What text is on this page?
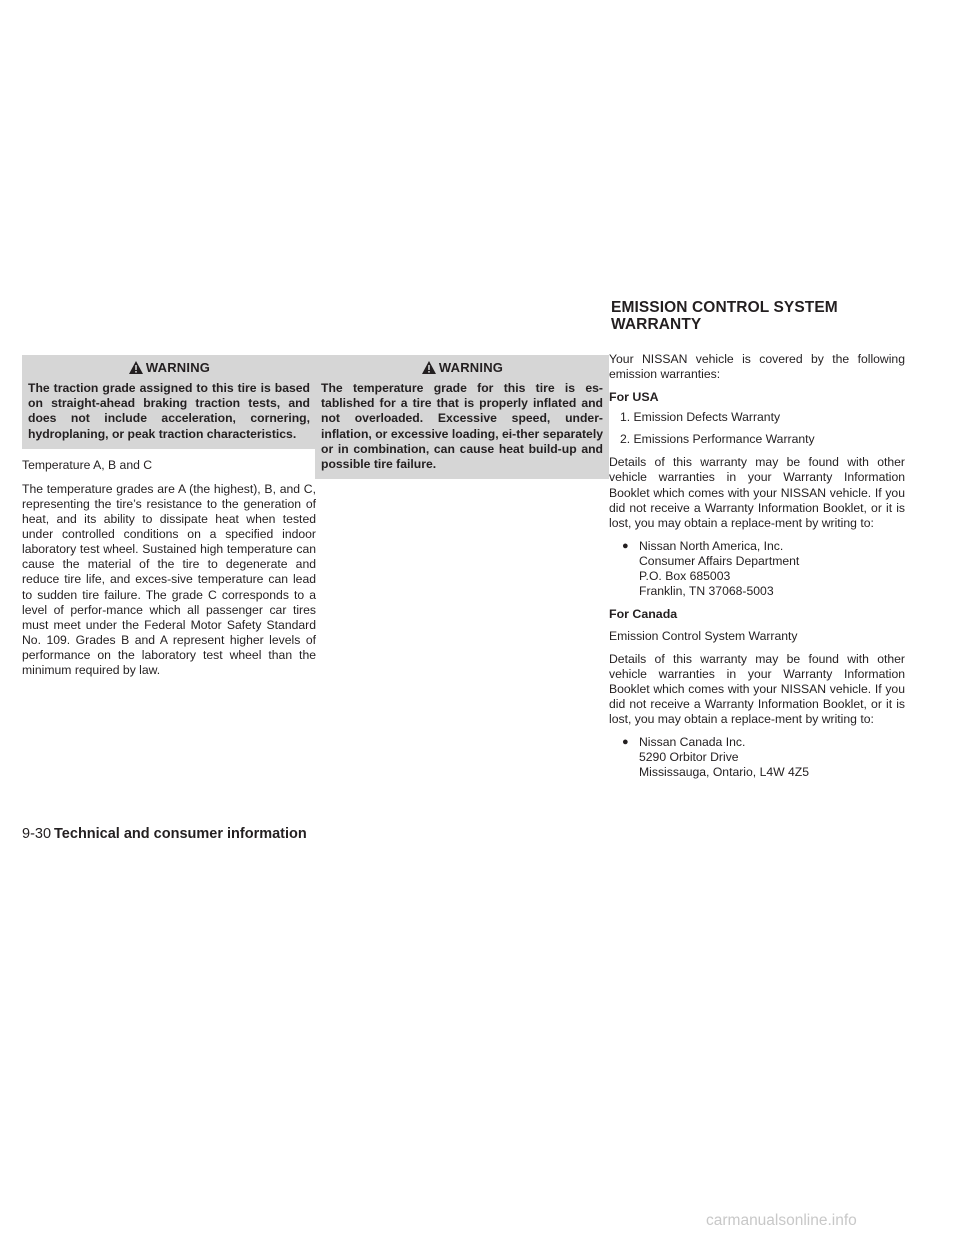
WARNING
The traction grade assigned to this tire is based on straight-ahead braking traction tests, and does not include acceleration, cornering, hydroplaning, or peak traction characteristics.

Temperature A, B and C

The temperature grades are A (the highest), B, and C, representing the tire’s resistance to the generation of heat, and its ability to dissipate heat when tested under controlled conditions on a specified indoor laboratory test wheel. Sustained high temperature can cause the material of the tire to degenerate and reduce tire life, and exces-sive temperature can lead to sudden tire failure. The grade C corresponds to a level of perfor-mance which all passenger car tires must meet under the Federal Motor Safety Standard No. 109. Grades B and A represent higher levels of performance on the laboratory test wheel than the minimum required by law.

WARNING
The temperature grade for this tire is es-tablished for a tire that is properly inflated and not overloaded. Excessive speed, under-inflation, or excessive loading, ei-ther separately or in combination, can cause heat build-up and possible tire failure.
EMISSION CONTROL SYSTEM
WARRANTY

Your NISSAN vehicle is covered by the following emission warranties:

For USA

1. Emission Defects Warranty
2. Emissions Performance Warranty

Details of this warranty may be found with other vehicle warranties in your Warranty Information Booklet which comes with your NISSAN vehicle. If you did not receive a Warranty Information Booklet, or it is lost, you may obtain a replace-ment by writing to:

● Nissan North America, Inc.
Consumer Affairs Department
P.O. Box 685003
Franklin, TN 37068-5003

For Canada

Emission Control System Warranty

Details of this warranty may be found with other vehicle warranties in your Warranty Information Booklet which comes with your NISSAN vehicle. If you did not receive a Warranty Information Booklet, or it is lost, you may obtain a replace-ment by writing to:

● Nissan Canada Inc.
5290 Orbitor Drive
Mississauga, Ontario, L4W 4Z5
9-30 Technical and consumer information
carmanualsonline.info
